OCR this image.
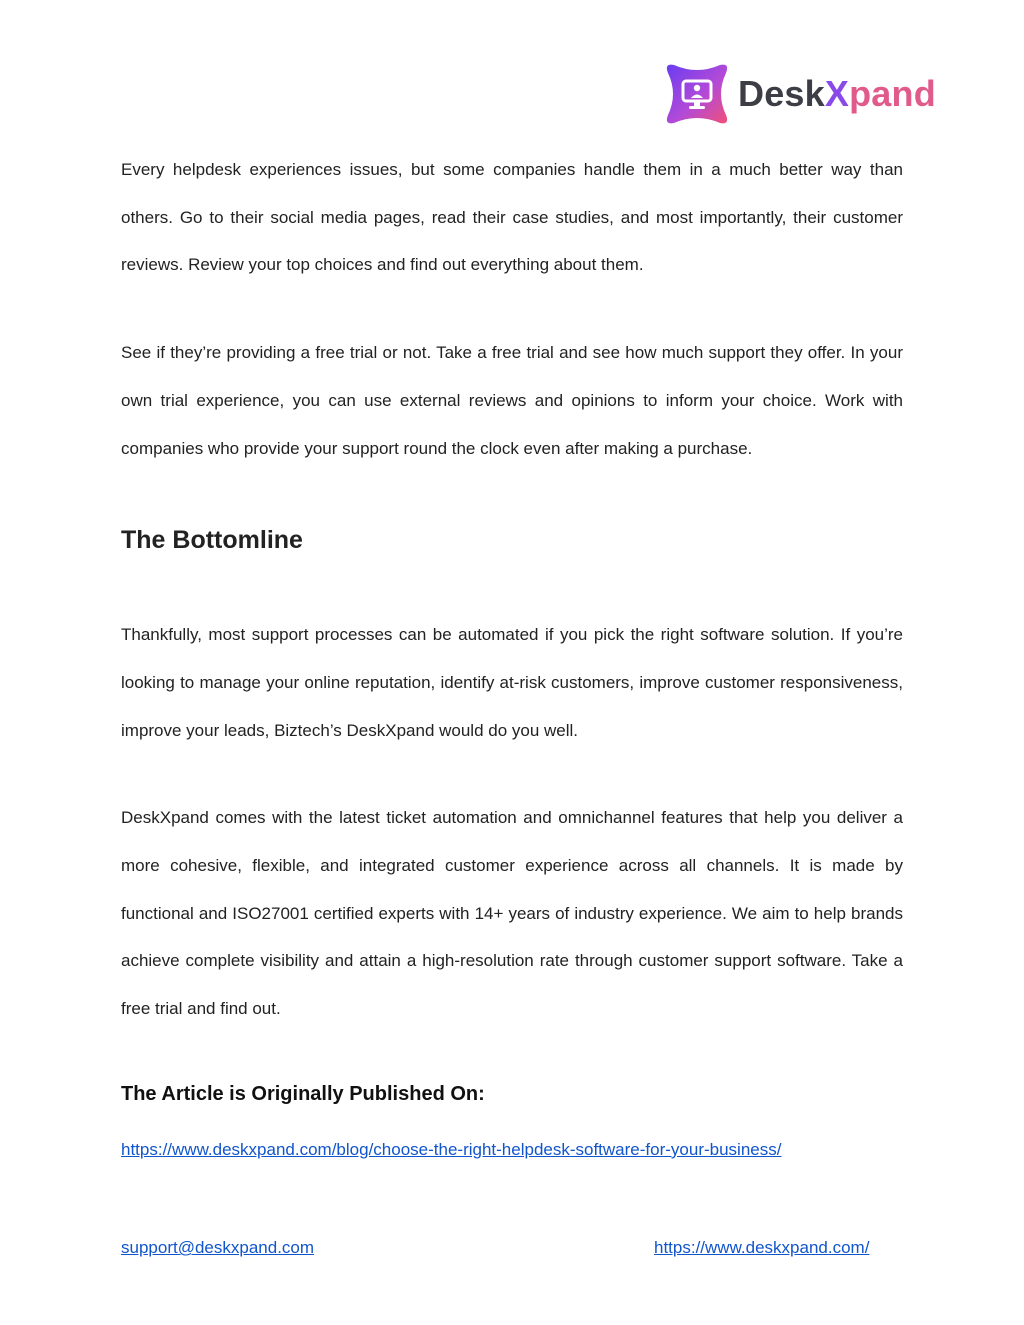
DeskXpand

Every helpdesk experiences issues, but some companies handle them in a much better way than others. Go to their social media pages, read their case studies, and most importantly, their customer reviews. Review your top choices and find out everything about them.

See if they’re providing a free trial or not. Take a free trial and see how much support they offer. In your own trial experience, you can use external reviews and opinions to inform your choice. Work with companies who provide your support round the clock even after making a purchase.

The Bottomline

Thankfully, most support processes can be automated if you pick the right software solution. If you’re looking to manage your online reputation, identify at-risk customers, improve customer responsiveness, improve your leads, Biztech’s DeskXpand would do you well.

DeskXpand comes with the latest ticket automation and omnichannel features that help you deliver a more cohesive, flexible, and integrated customer experience across all channels. It is made by functional and ISO27001 certified experts with 14+ years of industry experience. We aim to help brands achieve complete visibility and attain a high-resolution rate through customer support software. Take a free trial and find out.

The Article is Originally Published On:
https://www.deskxpand.com/blog/choose-the-right-helpdesk-software-for-your-business/
support@deskxpand.com	https://www.deskxpand.com/
